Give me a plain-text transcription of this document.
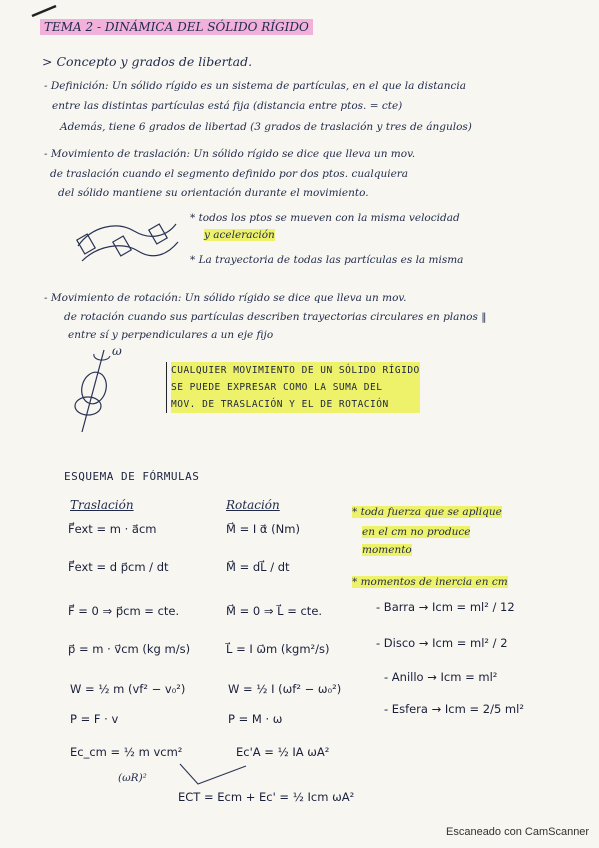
TEMA 2 - DINÁMICA DEL SÓLIDO RÍGIDO
> Concepto y grados de libertad.
- Definición: Un sólido rígido es un sistema de partículas, en el que la distancia
entre las distintas partículas está fija (distancia entre ptos. = cte)
Además, tiene 6 grados de libertad (3 grados de traslación y tres de ángulos)
- Movimiento de traslación: Un sólido rígido se dice que lleva un mov.
de traslación cuando el segmento definido por dos ptos. cualquiera
del sólido mantiene su orientación durante el movimiento.
* todos los ptos se mueven con la misma velocidad
y aceleración
* La trayectoria de todas las partículas es la misma
- Movimiento de rotación: Un sólido rígido se dice que lleva un mov.
de rotación cuando sus partículas describen trayectorias circulares en planos ‖
entre sí y perpendiculares a un eje fijo
ω
CUALQUIER MOVIMIENTO DE UN SÓLIDO RÍGIDO
SE PUEDE EXPRESAR COMO LA SUMA DEL
MOV. DE TRASLACIÓN Y EL DE ROTACIÓN
ESQUEMA DE FÓRMULAS
Traslación	Rotación
F⃗ext = m · a⃗cm
F⃗ext = d p⃗cm / dt
F⃗ = 0 ⇒ p⃗cm = cte.
p⃗ = m · v⃗cm (kg m/s)
W = ½ m (vf² − v₀²)
P = F · v
Ec_cm = ½ m vcm²
(ωR)²
M⃗ = I α⃗ (Nm)
M⃗ = dL⃗ / dt
M⃗ = 0 ⇒ L⃗ = cte.
L⃗ = I ω⃗m (kgm²/s)
W = ½ I (ωf² − ω₀²)
P = M · ω
Ec'A = ½ IA ωA²
ECT = Ecm + Ec' = ½ Icm ωA²
* toda fuerza que se aplique
en el cm no produce
momento
* momentos de inercia en cm
- Barra → Icm = ml² / 12
- Disco → Icm = ml² / 2
- Anillo → Icm = ml²
- Esfera → Icm = 2/5 ml²
Escaneado con CamScanner
